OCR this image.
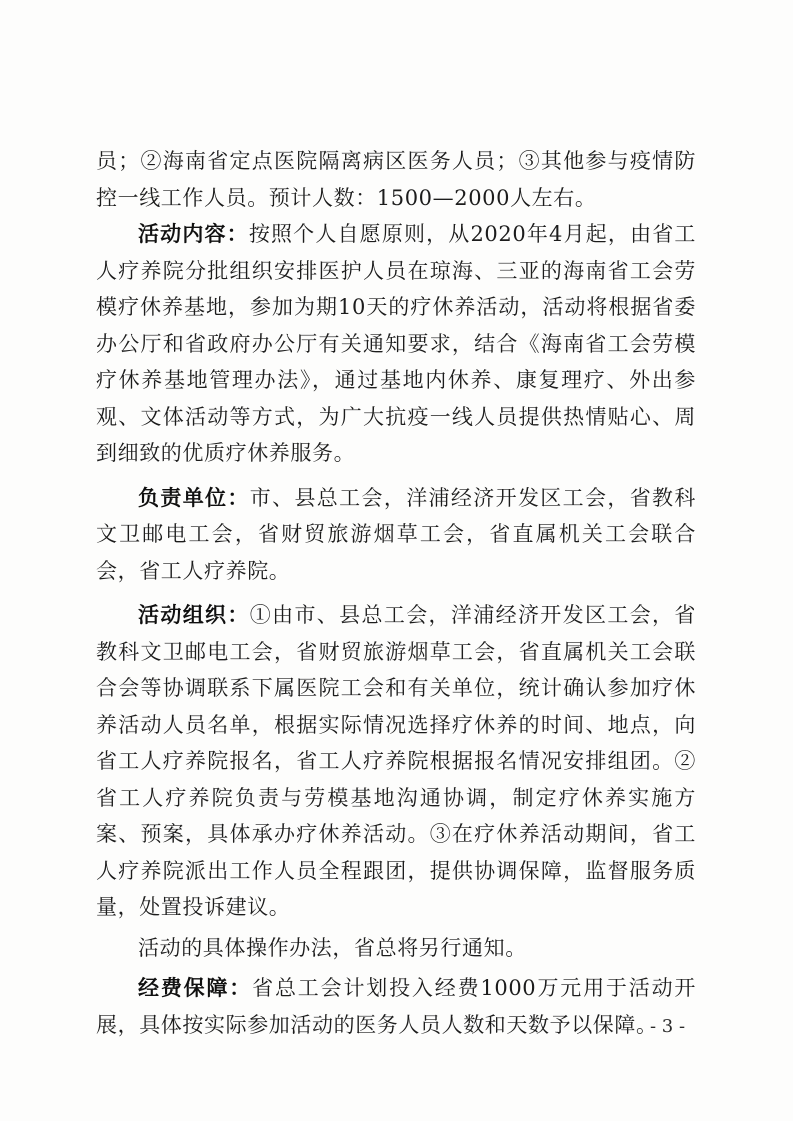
员；②海南省定点医院隔离病区医务人员；③其他参与疫情防控一线工作人员。预计人数：1500—2000人左右。

活动内容：按照个人自愿原则，从2020年4月起，由省工人疗养院分批组织安排医护人员在琼海、三亚的海南省工会劳模疗休养基地，参加为期10天的疗休养活动，活动将根据省委办公厅和省政府办公厅有关通知要求，结合《海南省工会劳模疗休养基地管理办法》，通过基地内休养、康复理疗、外出参观、文体活动等方式，为广大抗疫一线人员提供热情贴心、周到细致的优质疗休养服务。

负责单位：市、县总工会，洋浦经济开发区工会，省教科文卫邮电工会，省财贸旅游烟草工会，省直属机关工会联合会，省工人疗养院。

活动组织：①由市、县总工会，洋浦经济开发区工会，省教科文卫邮电工会，省财贸旅游烟草工会，省直属机关工会联合会等协调联系下属医院工会和有关单位，统计确认参加疗休养活动人员名单，根据实际情况选择疗休养的时间、地点，向省工人疗养院报名，省工人疗养院根据报名情况安排组团。②省工人疗养院负责与劳模基地沟通协调，制定疗休养实施方案、预案，具体承办疗休养活动。③在疗休养活动期间，省工人疗养院派出工作人员全程跟团，提供协调保障，监督服务质量，处置投诉建议。

活动的具体操作办法，省总将另行通知。

经费保障：省总工会计划投入经费1000万元用于活动开展，具体按实际参加活动的医务人员人数和天数予以保障。

- 3 -
